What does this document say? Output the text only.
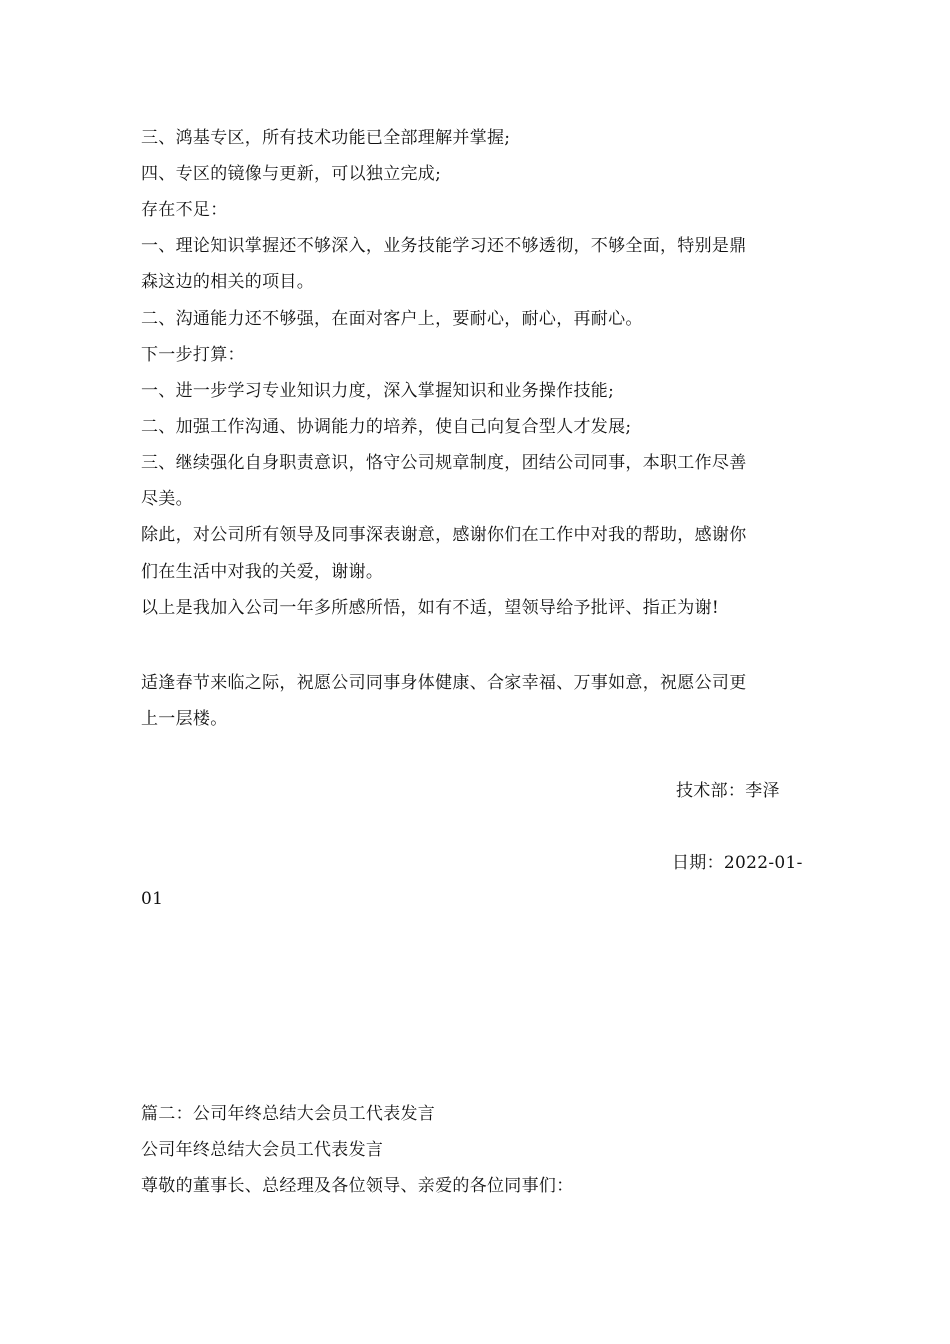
三、鸿基专区，所有技术功能已全部理解并掌握;
四、专区的镜像与更新，可以独立完成;
存在不足：
一、理论知识掌握还不够深入，业务技能学习还不够透彻，不够全面，特别是鼎
森这边的相关的项目。
二、沟通能力还不够强，在面对客户上，要耐心，耐心，再耐心。
下一步打算：
一、进一步学习专业知识力度，深入掌握知识和业务操作技能;
二、加强工作沟通、协调能力的培养，使自己向复合型人才发展;
三、继续强化自身职责意识，恪守公司规章制度，团结公司同事，本职工作尽善
尽美。
除此，对公司所有领导及同事深表谢意，感谢你们在工作中对我的帮助，感谢你
们在生活中对我的关爱，谢谢。
以上是我加入公司一年多所感所悟，如有不适，望领导给予批评、指正为谢!
适逢春节来临之际，祝愿公司同事身体健康、合家幸福、万事如意，祝愿公司更
上一层楼。
技术部：李泽
日期：2022-01-
01
篇二：公司年终总结大会员工代表发言
公司年终总结大会员工代表发言
尊敬的董事长、总经理及各位领导、亲爱的各位同事们：
